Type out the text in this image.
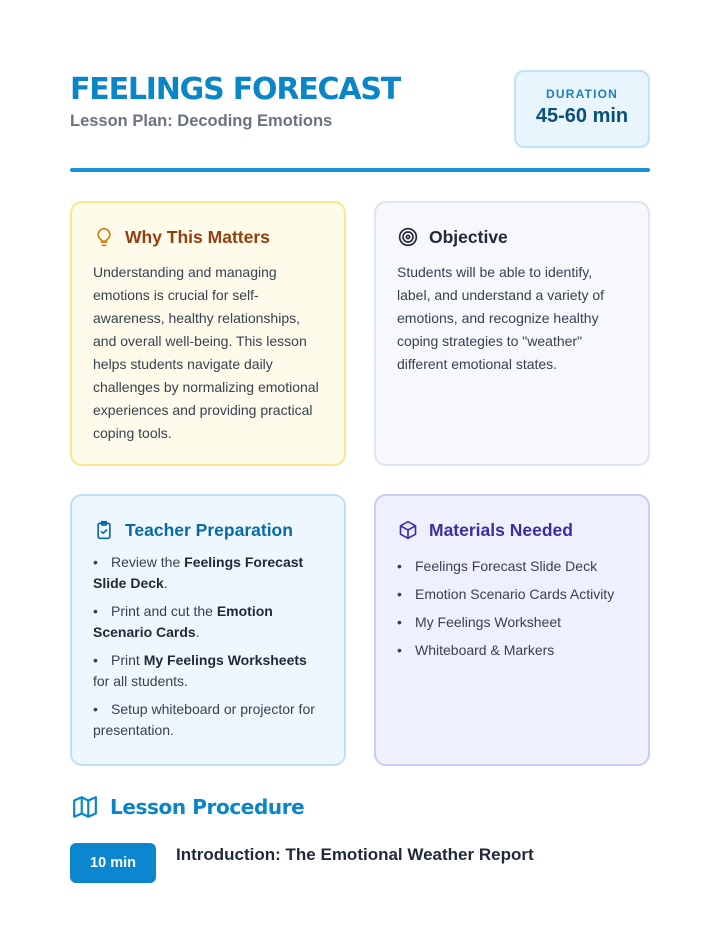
FEELINGS FORECAST
Lesson Plan: Decoding Emotions
DURATION
45-60 min
Why This Matters

Understanding and managing emotions is crucial for self-awareness, healthy relationships, and overall well-being. This lesson helps students navigate daily challenges by normalizing emotional experiences and providing practical coping tools.

Objective

Students will be able to identify, label, and understand a variety of emotions, and recognize healthy coping strategies to "weather" different emotional states.

Teacher Preparation
• Review the Feelings Forecast Slide Deck.
• Print and cut the Emotion Scenario Cards.
• Print My Feelings Worksheets for all students.
• Setup whiteboard or projector for presentation.
Materials Needed
• Feelings Forecast Slide Deck
• Emotion Scenario Cards Activity
• My Feelings Worksheet
• Whiteboard & Markers
Lesson Procedure
10 min	Introduction: The Emotional Weather Report
